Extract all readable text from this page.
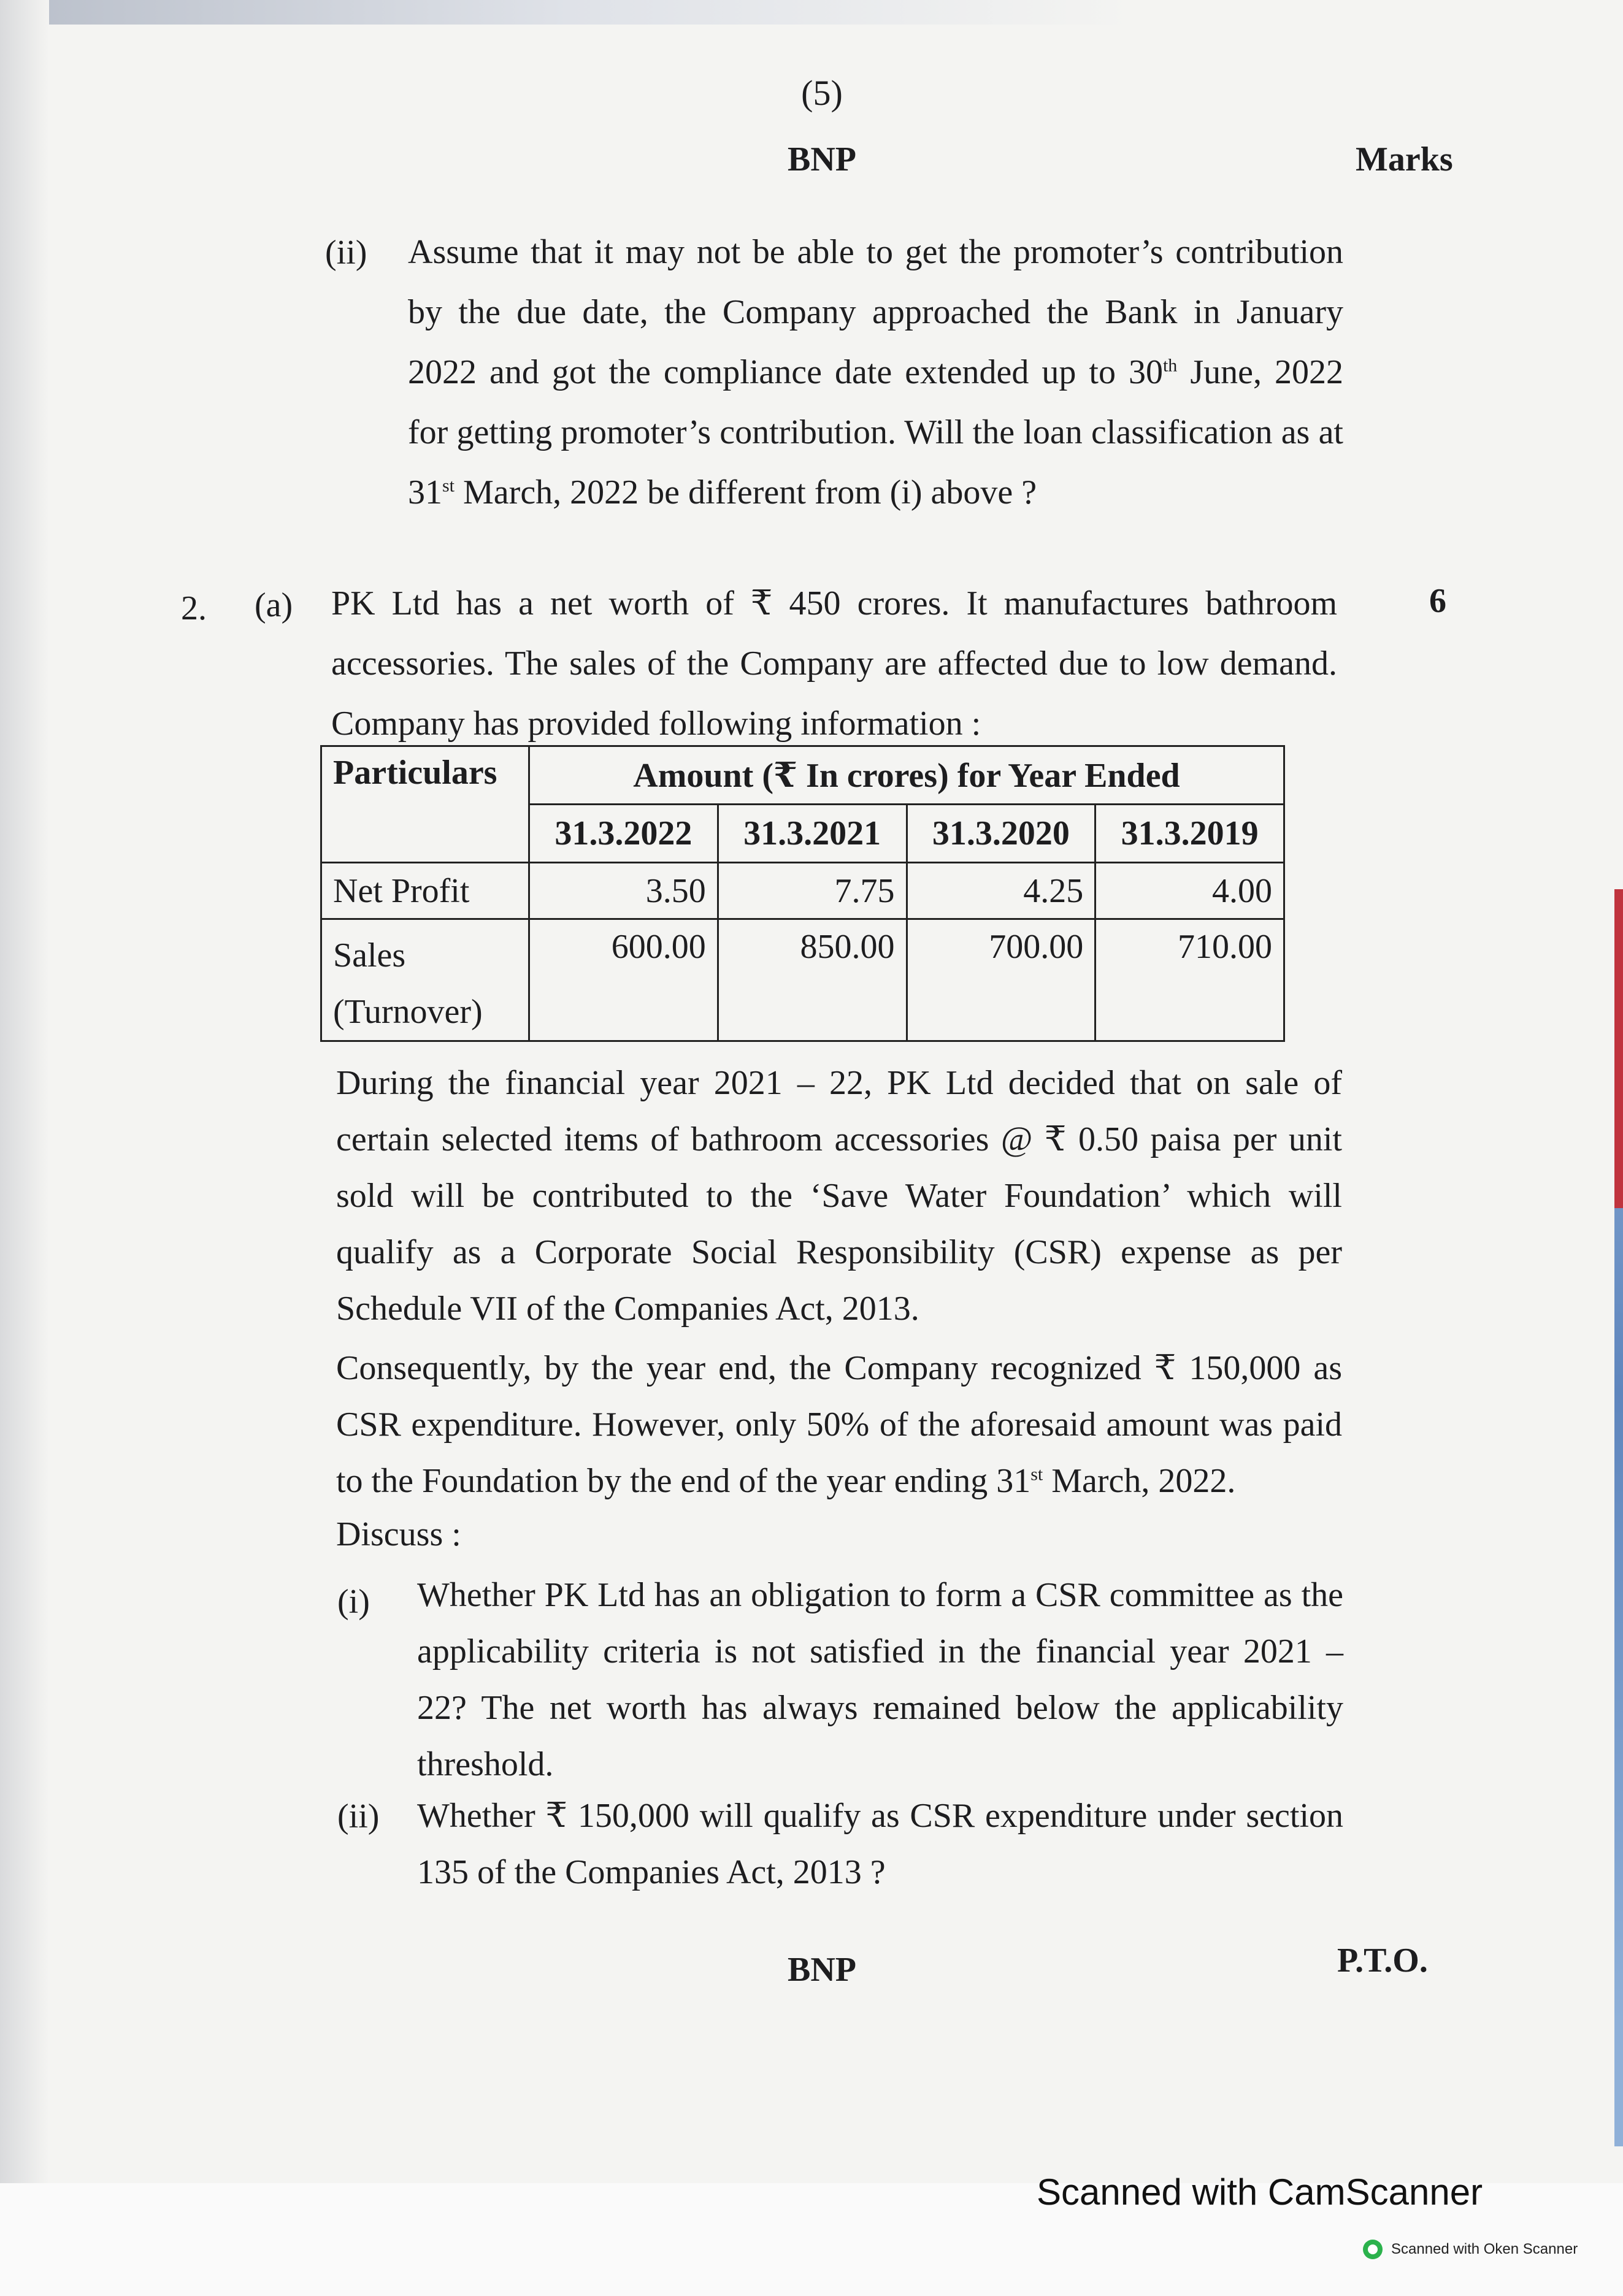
(5)
BNP	Marks
(ii) Assume that it may not be able to get the promoter’s contribution by the due date, the Company approached the Bank in January 2022 and got the compliance date extended up to 30th June, 2022 for getting promoter’s contribution. Will the loan classification as at 31st March, 2022 be different from (i) above ?
2. (a)	6
PK Ltd has a net worth of ₹ 450 crores. It manufactures bathroom accessories. The sales of the Company are affected due to low demand. Company has provided following information :
Particulars	Amount (₹ In crores) for Year Ended			
	31.3.2022	31.3.2021	31.3.2020	31.3.2019
Net Profit	3.50	7.75	4.25	4.00
Sales (Turnover)	600.00	850.00	700.00	710.00
During the financial year 2021 – 22, PK Ltd decided that on sale of certain selected items of bathroom accessories @ ₹ 0.50 paisa per unit sold will be contributed to the ‘Save Water Foundation’ which will qualify as a Corporate Social Responsibility (CSR) expense as per Schedule VII of the Companies Act, 2013.
Consequently, by the year end, the Company recognized ₹ 150,000 as CSR expenditure. However, only 50% of the aforesaid amount was paid to the Foundation by the end of the year ending 31st March, 2022.
Discuss :
(i) Whether PK Ltd has an obligation to form a CSR committee as the applicability criteria is not satisfied in the financial year 2021 – 22? The net worth has always remained below the applicability threshold.
(ii) Whether ₹ 150,000 will qualify as CSR expenditure under section 135 of the Companies Act, 2013 ?
BNP	P.T.O.
Scanned with CamScanner
Scanned with Oken Scanner
